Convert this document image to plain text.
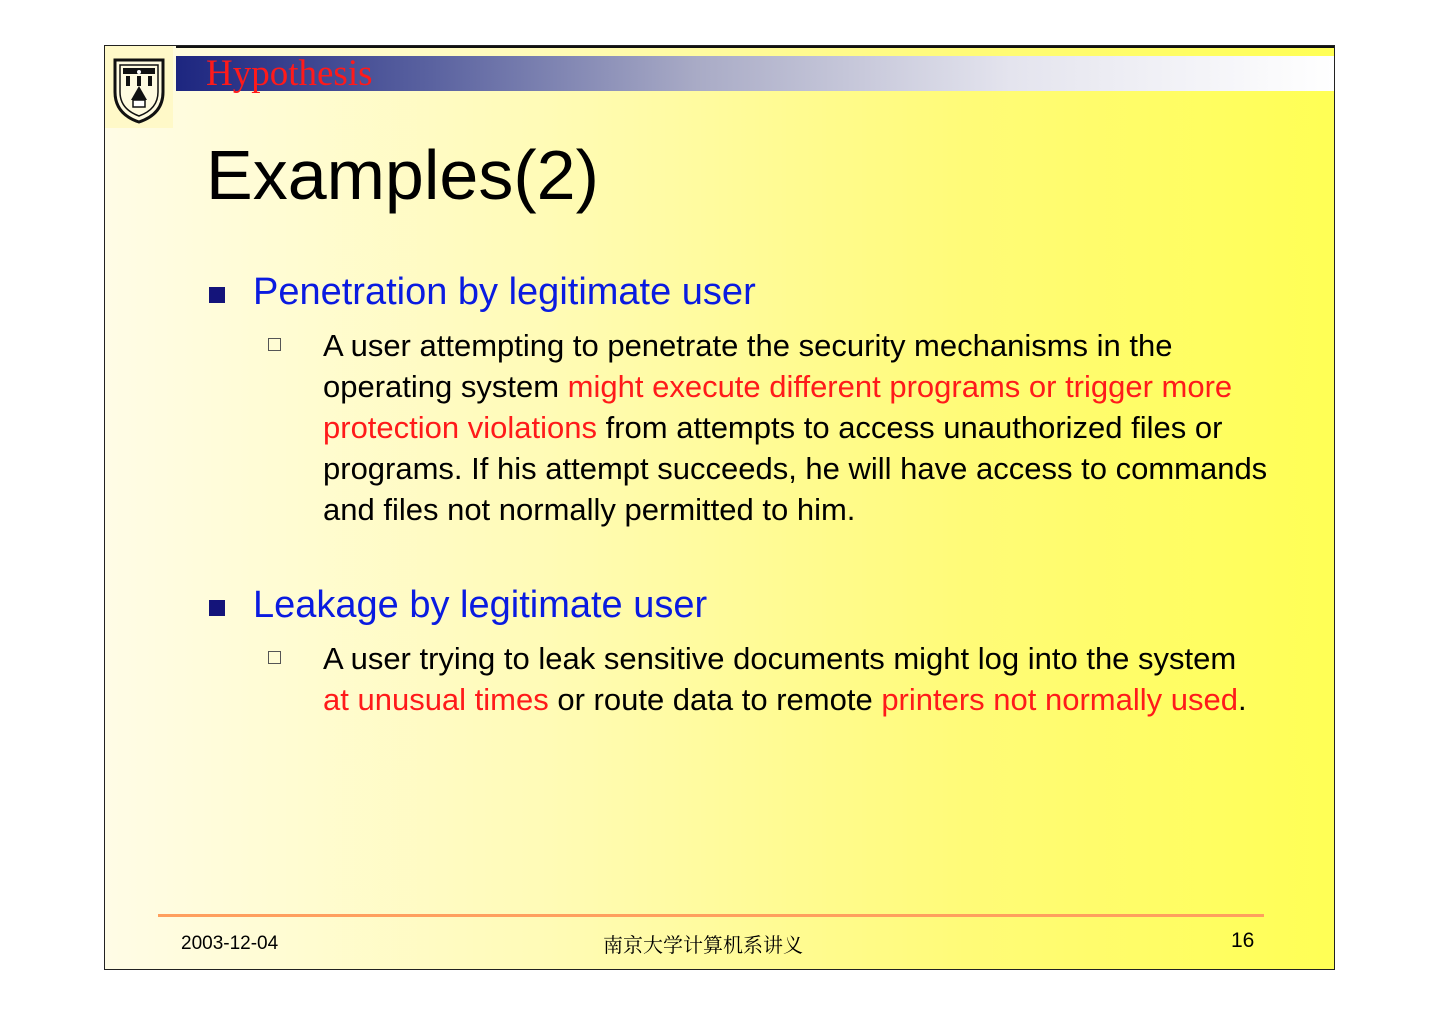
Hypothesis
Examples(2)
Penetration by legitimate user
A user attempting to penetrate the security mechanisms in the operating system might execute different programs or trigger more protection violations from attempts to access unauthorized files or programs. If his attempt succeeds, he will have access to commands and files not normally permitted to him.
Leakage by legitimate user
A user trying to leak sensitive documents might log into the system at unusual times or route data to remote printers not normally used.
2003-12-04	南京大学计算机系讲义	16
